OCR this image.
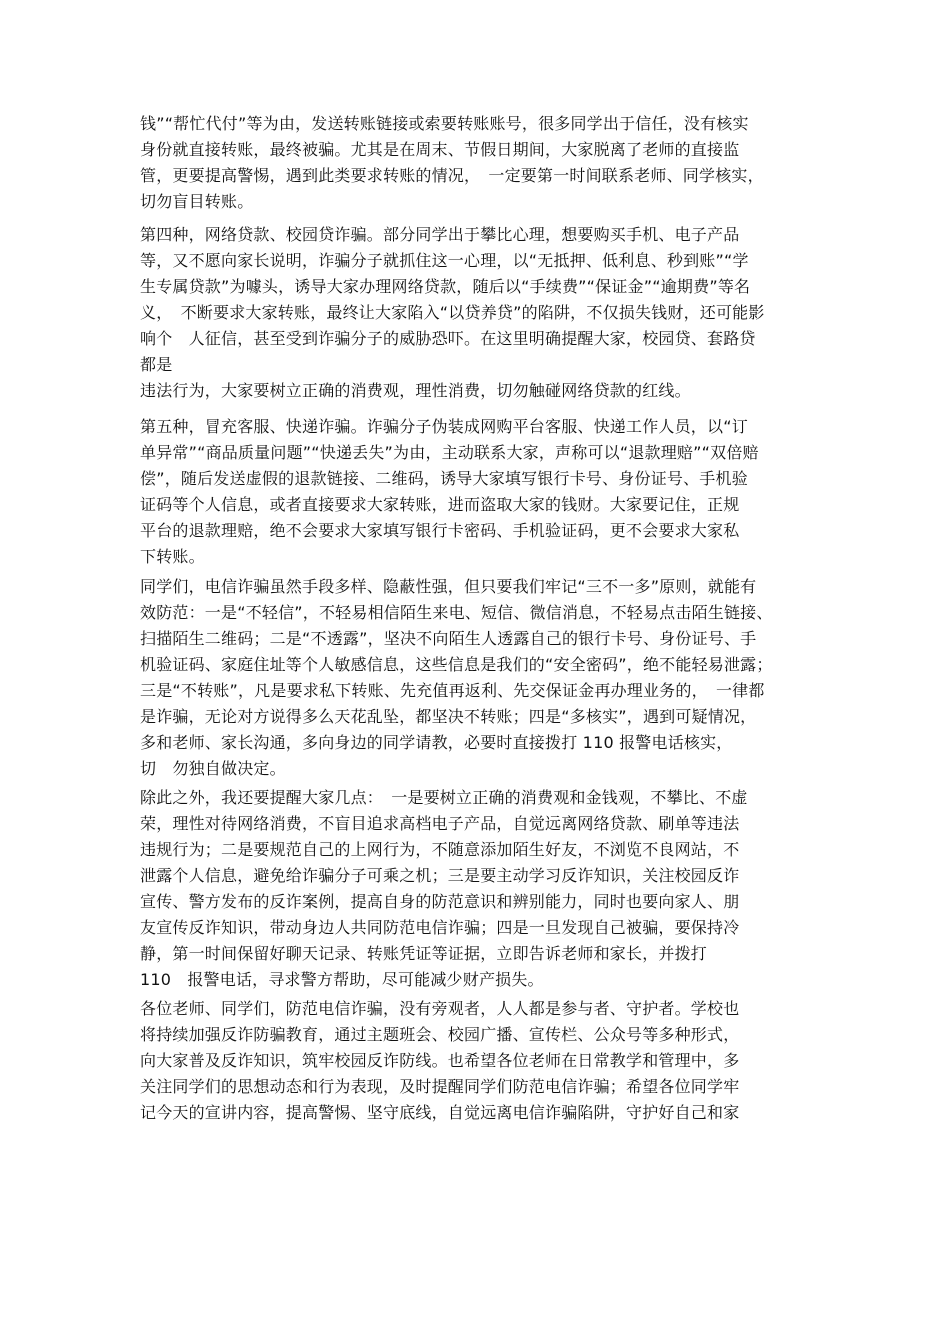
钱”“帮忙代付”等为由，发送转账链接或索要转账账号，很多同学出于信任，没有核实
身份就直接转账，最终被骗。尤其是在周末、节假日期间，大家脱离了老师的直接监
管，更要提高警惕，遇到此类要求转账的情况，　一定要第一时间联系老师、同学核实，
切勿盲目转账。
第四种，网络贷款、校园贷诈骗。部分同学出于攀比心理，想要购买手机、电子产品
等，又不愿向家长说明，诈骗分子就抓住这一心理，以“无抵押、低利息、秒到账”“学
生专属贷款”为噱头，诱导大家办理网络贷款，随后以“手续费”“保证金”“逾期费”等名
义，　不断要求大家转账，最终让大家陷入“以贷养贷”的陷阱，不仅损失钱财，还可能影
响个　人征信，甚至受到诈骗分子的威胁恐吓。在这里明确提醒大家，校园贷、套路贷
都是
违法行为，大家要树立正确的消费观，理性消费，切勿触碰网络贷款的红线。
第五种，冒充客服、快递诈骗。诈骗分子伪装成网购平台客服、快递工作人员，以“订
单异常”“商品质量问题”“快递丢失”为由，主动联系大家，声称可以“退款理赔”“双倍赔
偿”，随后发送虚假的退款链接、二维码，诱导大家填写银行卡号、身份证号、手机验
证码等个人信息，或者直接要求大家转账，进而盗取大家的钱财。大家要记住，正规
平台的退款理赔，绝不会要求大家填写银行卡密码、手机验证码，更不会要求大家私
下转账。
同学们，电信诈骗虽然手段多样、隐蔽性强，但只要我们牢记“三不一多”原则，就能有
效防范：一是“不轻信”，不轻易相信陌生来电、短信、微信消息，不轻易点击陌生链接、
扫描陌生二维码；二是“不透露”，坚决不向陌生人透露自己的银行卡号、身份证号、手
机验证码、家庭住址等个人敏感信息，这些信息是我们的“安全密码”，绝不能轻易泄露；
三是“不转账”，凡是要求私下转账、先充值再返利、先交保证金再办理业务的，　一律都
是诈骗，无论对方说得多么天花乱坠，都坚决不转账；四是“多核实”，遇到可疑情况，
多和老师、家长沟通，多向身边的同学请教，必要时直接拨打 110 报警电话核实，
切　勿独自做决定。
除此之外，我还要提醒大家几点：　一是要树立正确的消费观和金钱观，不攀比、不虚
荣，理性对待网络消费，不盲目追求高档电子产品，自觉远离网络贷款、刷单等违法
违规行为；二是要规范自己的上网行为，不随意添加陌生好友，不浏览不良网站，不
泄露个人信息，避免给诈骗分子可乘之机；三是要主动学习反诈知识，关注校园反诈
宣传、警方发布的反诈案例，提高自身的防范意识和辨别能力，同时也要向家人、朋
友宣传反诈知识，带动身边人共同防范电信诈骗；四是一旦发现自己被骗，要保持冷
静，第一时间保留好聊天记录、转账凭证等证据，立即告诉老师和家长，并拨打
110　报警电话，寻求警方帮助，尽可能减少财产损失。
各位老师、同学们，防范电信诈骗，没有旁观者，人人都是参与者、守护者。学校也
将持续加强反诈防骗教育，通过主题班会、校园广播、宣传栏、公众号等多种形式，
向大家普及反诈知识，筑牢校园反诈防线。也希望各位老师在日常教学和管理中，多
关注同学们的思想动态和行为表现，及时提醒同学们防范电信诈骗；希望各位同学牢
记今天的宣讲内容，提高警惕、坚守底线，自觉远离电信诈骗陷阱，守护好自己和家
